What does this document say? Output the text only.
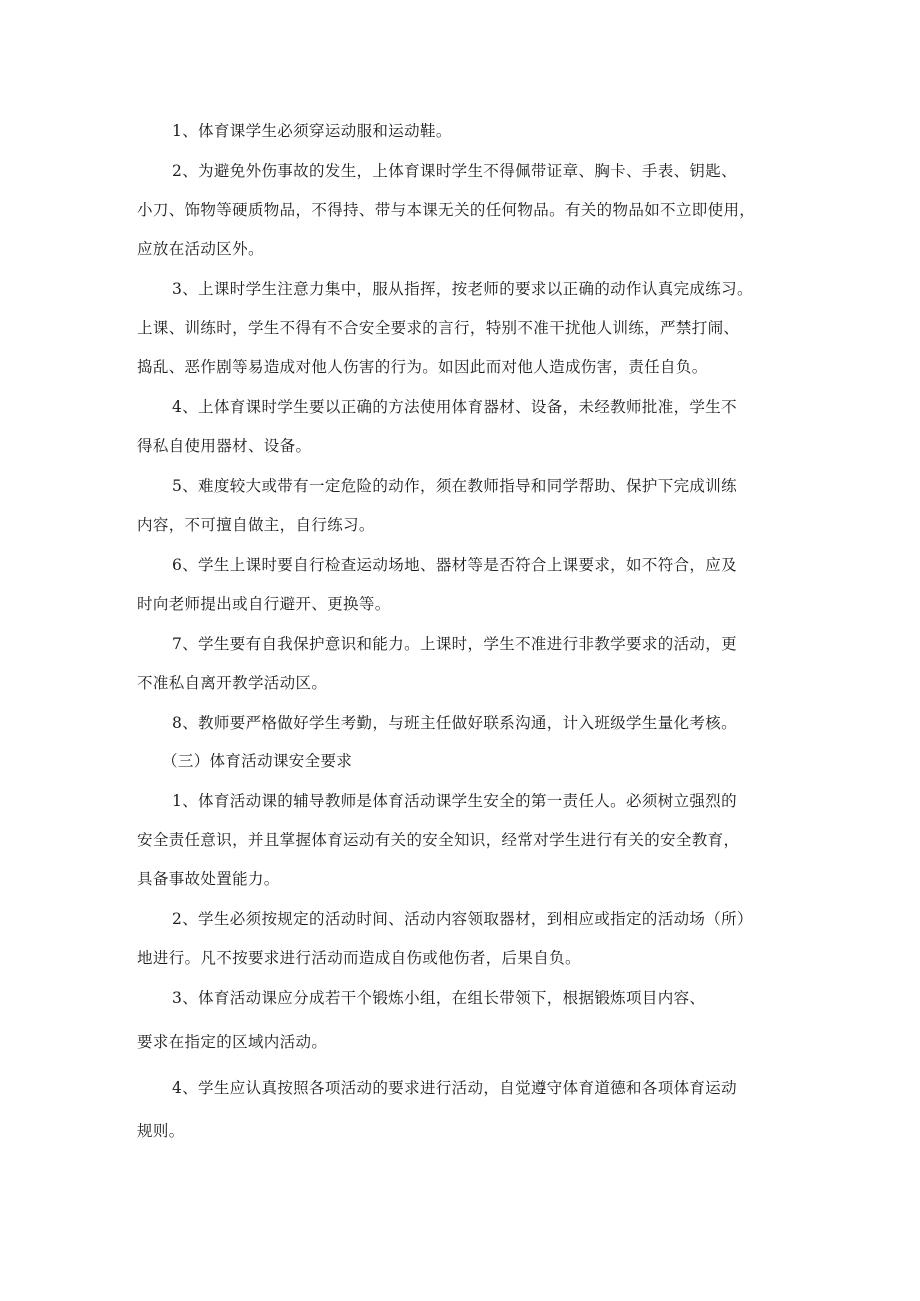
1、体育课学生必须穿运动服和运动鞋。
2、为避免外伤事故的发生，上体育课时学生不得佩带证章、胸卡、手表、钥匙、
小刀、饰物等硬质物品，不得持、带与本课无关的任何物品。有关的物品如不立即使用，
应放在活动区外。
3、上课时学生注意力集中，服从指挥，按老师的要求以正确的动作认真完成练习。
上课、训练时，学生不得有不合安全要求的言行，特别不准干扰他人训练，严禁打闹、
捣乱、恶作剧等易造成对他人伤害的行为。如因此而对他人造成伤害，责任自负。
4、上体育课时学生要以正确的方法使用体育器材、设备，未经教师批准，学生不
得私自使用器材、设备。
5、难度较大或带有一定危险的动作，须在教师指导和同学帮助、保护下完成训练
内容，不可擅自做主，自行练习。
6、学生上课时要自行检查运动场地、器材等是否符合上课要求，如不符合，应及
时向老师提出或自行避开、更换等。
7、学生要有自我保护意识和能力。上课时，学生不准进行非教学要求的活动，更
不准私自离开教学活动区。
8、教师要严格做好学生考勤，与班主任做好联系沟通，计入班级学生量化考核。
（三）体育活动课安全要求
1、体育活动课的辅导教师是体育活动课学生安全的第一责任人。必须树立强烈的
安全责任意识，并且掌握体育运动有关的安全知识，经常对学生进行有关的安全教育，
具备事故处置能力。
2、学生必须按规定的活动时间、活动内容领取器材，到相应或指定的活动场（所）
地进行。凡不按要求进行活动而造成自伤或他伤者，后果自负。
3、体育活动课应分成若干个锻炼小组，在组长带领下，根据锻炼项目内容、
要求在指定的区域内活动。
4、学生应认真按照各项活动的要求进行活动，自觉遵守体育道德和各项体育运动
规则。
